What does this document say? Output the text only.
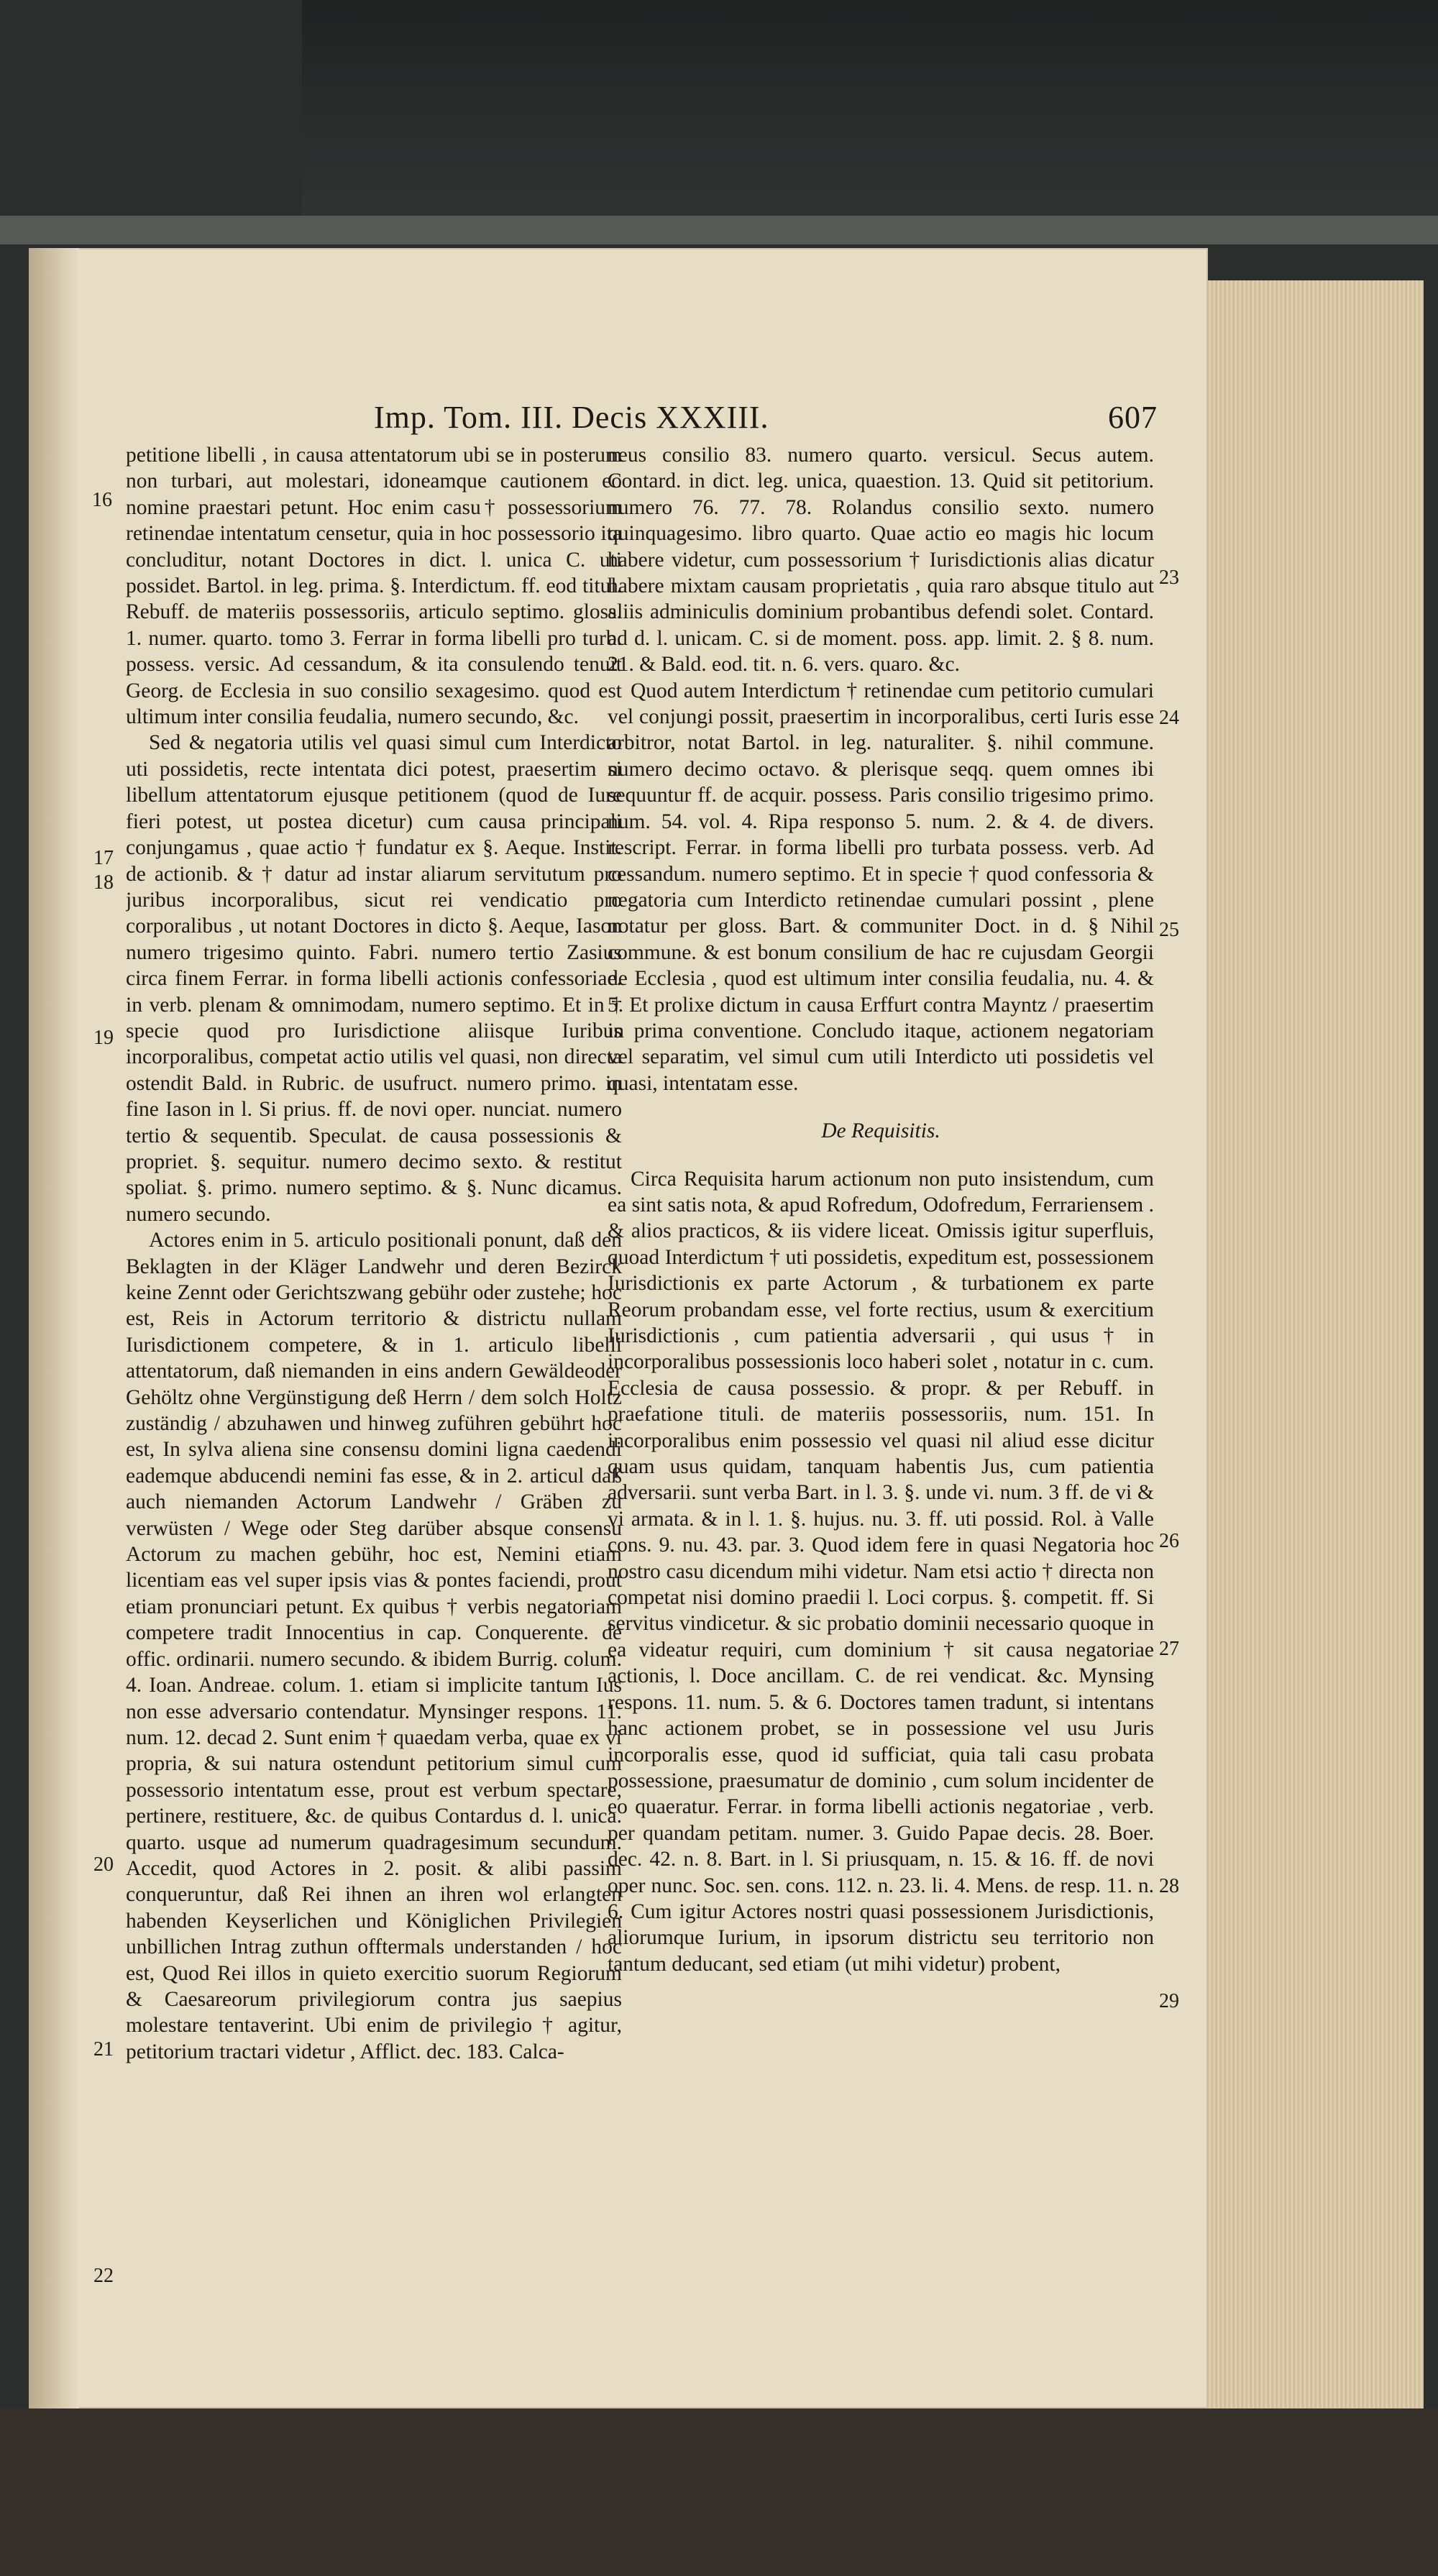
Imp. Tom. III. Decis XXXIII.	607

petitione libelli , in causa attentatorum ubi se in posterum non turbari, aut molestari, idoneamque cautionem eo nomine praestari petunt. Hoc enim casu† possessorium retinendae intentatum censetur, quia in hoc possessorio ita concluditur, notant Doctores in dict. l. unica C. uti possidet. Bartol. in leg. prima. §. Interdictum. ff. eod titul. Rebuff. de materiis possessoriis, articulo septimo. gloss. 1. numer. quarto. tomo 3. Ferrar in forma libelli pro turb. possess. versic. Ad cessandum, & ita consulendo tenuit Georg. de Ecclesia in suo consilio sexagesimo. quod est ultimum inter consilia feudalia, numero secundo, &c.

Sed & negatoria utilis vel quasi simul cum Interdicto uti possidetis, recte intentata dici potest, praesertim si libellum attentatorum ejusque petitionem (quod de Iure fieri potest, ut postea dicetur) cum causa principali conjungamus , quae actio † fundatur ex §. Aeque. Instit. de actionib. & † datur ad instar aliarum servitutum pro juribus incorporalibus, sicut rei vendicatio pro corporalibus , ut notant Doctores in dicto §. Aeque, Iason numero trigesimo quinto. Fabri. numero tertio Zasius circa finem Ferrar. in forma libelli actionis confessoriae. in verb. plenam & omnimodam, numero septimo. Et in † specie quod pro Iurisdictione aliisque Iuribus incorporalibus, competat actio utilis vel quasi, non directa ostendit Bald. in Rubric. de usufruct. numero primo. in fine Iason in l. Si prius. ff. de novi oper. nunciat. numero tertio & sequentib. Speculat. de causa possessionis & propriet. §. sequitur. numero decimo sexto. & restitut spoliat. §. primo. numero septimo. & §. Nunc dicamus. numero secundo.

Actores enim in 5. articulo positionali ponunt, daß den Beklagten in der Kläger Landwehr und deren Bezirck keine Zennt oder Gerichtszwang gebühr oder zustehe; hoc est, Reis in Actorum territorio & districtu nullam Iurisdictionem competere, & in 1. articulo libelli attentatorum, daß niemanden in eins andern Gewäldeoder Gehöltz ohne Vergünstigung deß Herrn / dem solch Holtz zuständig / abzuhawen und hinweg zuführen gebührt hoc est, In sylva aliena sine consensu domini ligna caedendi eademque abducendi nemini fas esse, & in 2. articul daß auch niemanden Actorum Landwehr / Gräben zu verwüsten / Wege oder Steg darüber absque consensu Actorum zu machen gebühr, hoc est, Nemini etiam licentiam eas vel super ipsis vias & pontes faciendi, prout etiam pronunciari petunt. Ex quibus † verbis negatoriam competere tradit Innocentius in cap. Conquerente. de offic. ordinarii. numero secundo. & ibidem Burrig. colum. 4. Ioan. Andreae. colum. 1. etiam si implicite tantum Ius non esse adversario contendatur. Mynsinger respons. 11. num. 12. decad 2. Sunt enim † quaedam verba, quae ex vi propria, & sui natura ostendunt petitorium simul cum possessorio intentatum esse, prout est verbum spectare, pertinere, restituere, &c. de quibus Contardus d. l. unica. quarto. usque ad numerum quadragesimum secundum. Accedit, quod Actores in 2. posit. & alibi passim conqueruntur, daß Rei ihnen an ihren wol erlangten habenden Keyserlichen und Königlichen Privilegien unbillichen Intrag zuthun offtermals understanden / hoc est, Quod Rei illos in quieto exercitio suorum Regiorum & Caesareorum privilegiorum contra jus saepius molestare tentaverint. Ubi enim de privilegio † agitur, petitorium tractari videtur , Afflict. dec. 183. Calca-

neus consilio 83. numero quarto. versicul. Secus autem. Contard. in dict. leg. unica, quaestion. 13. Quid sit petitorium. numero 76. 77. 78. Rolandus consilio sexto. numero quinquagesimo. libro quarto. Quae actio eo magis hic locum habere videtur, cum possessorium † Iurisdictionis alias dicatur habere mixtam causam proprietatis , quia raro absque titulo aut aliis adminiculis dominium probantibus defendi solet. Contard. ad d. l. unicam. C. si de moment. poss. app. limit. 2. § 8. num. 21. & Bald. eod. tit. n. 6. vers. quaro. &c.

Quod autem Interdictum † retinendae cum petitorio cumulari vel conjungi possit, praesertim in incorporalibus, certi Iuris esse arbitror, notat Bartol. in leg. naturaliter. §. nihil commune. numero decimo octavo. & plerisque seqq. quem omnes ibi sequuntur ff. de acquir. possess. Paris consilio trigesimo primo. num. 54. vol. 4. Ripa responso 5. num. 2. & 4. de divers. rescript. Ferrar. in forma libelli pro turbata possess. verb. Ad cessandum. numero septimo. Et in specie † quod confessoria & negatoria cum Interdicto retinendae cumulari possint , plene notatur per gloss. Bart. & communiter Doct. in d. § Nihil commune. & est bonum consilium de hac re cujusdam Georgii de Ecclesia , quod est ultimum inter consilia feudalia, nu. 4. & 5. Et prolixe dictum in causa Erffurt contra Mayntz / praesertim in prima conventione. Concludo itaque, actionem negatoriam vel separatim, vel simul cum utili Interdicto uti possidetis vel quasi, intentatam esse.

De Requisitis.

Circa Requisita harum actionum non puto insistendum, cum ea sint satis nota, & apud Rofredum, Odofredum, Ferrariensem . & alios practicos, & iis videre liceat. Omissis igitur superfluis, quoad Interdictum † uti possidetis, expeditum est, possessionem Iurisdictionis ex parte Actorum , & turbationem ex parte Reorum probandam esse, vel forte rectius, usum & exercitium Iurisdictionis , cum patientia adversarii , qui usus † in incorporalibus possessionis loco haberi solet , notatur in c. cum. Ecclesia de causa possessio. & propr. & per Rebuff. in praefatione tituli. de materiis possessoriis, num. 151. In incorporalibus enim possessio vel quasi nil aliud esse dicitur quam usus quidam, tanquam habentis Jus, cum patientia adversarii. sunt verba Bart. in l. 3. §. unde vi. num. 3 ff. de vi & vi armata. & in l. 1. §. hujus. nu. 3. ff. uti possid. Rol. à Valle cons. 9. nu. 43. par. 3. Quod idem fere in quasi Negatoria hoc nostro casu dicendum mihi videtur. Nam etsi actio † directa non competat nisi domino praedii l. Loci corpus. §. competit. ff. Si servitus vindicetur. & sic probatio dominii necessario quoque in ea videatur requiri, cum dominium † sit causa negatoriae actionis, l. Doce ancillam. C. de rei vendicat. &c. Mynsing respons. 11. num. 5. & 6. Doctores tamen tradunt, si intentans hanc actionem probet, se in possessione vel usu Juris incorporalis esse, quod id sufficiat, quia tali casu probata possessione, praesumatur de dominio , cum solum incidenter de eo quaeratur. Ferrar. in forma libelli actionis negatoriae , verb. per quandam petitam. numer. 3. Guido Papae decis. 28. Boer. dec. 42. n. 8. Bart. in l. Si priusquam, n. 15. & 16. ff. de novi oper nunc. Soc. sen. cons. 112. n. 23. li. 4. Mens. de resp. 11. n. 6. Cum igitur Actores nostri quasi possessionem Jurisdictionis, aliorumque Iurium, in ipsorum districtu seu territorio non tantum deducant, sed etiam (ut mihi videtur) probent,

16
17
18
19
20
21
22
23
24
25
26
27
28
29
